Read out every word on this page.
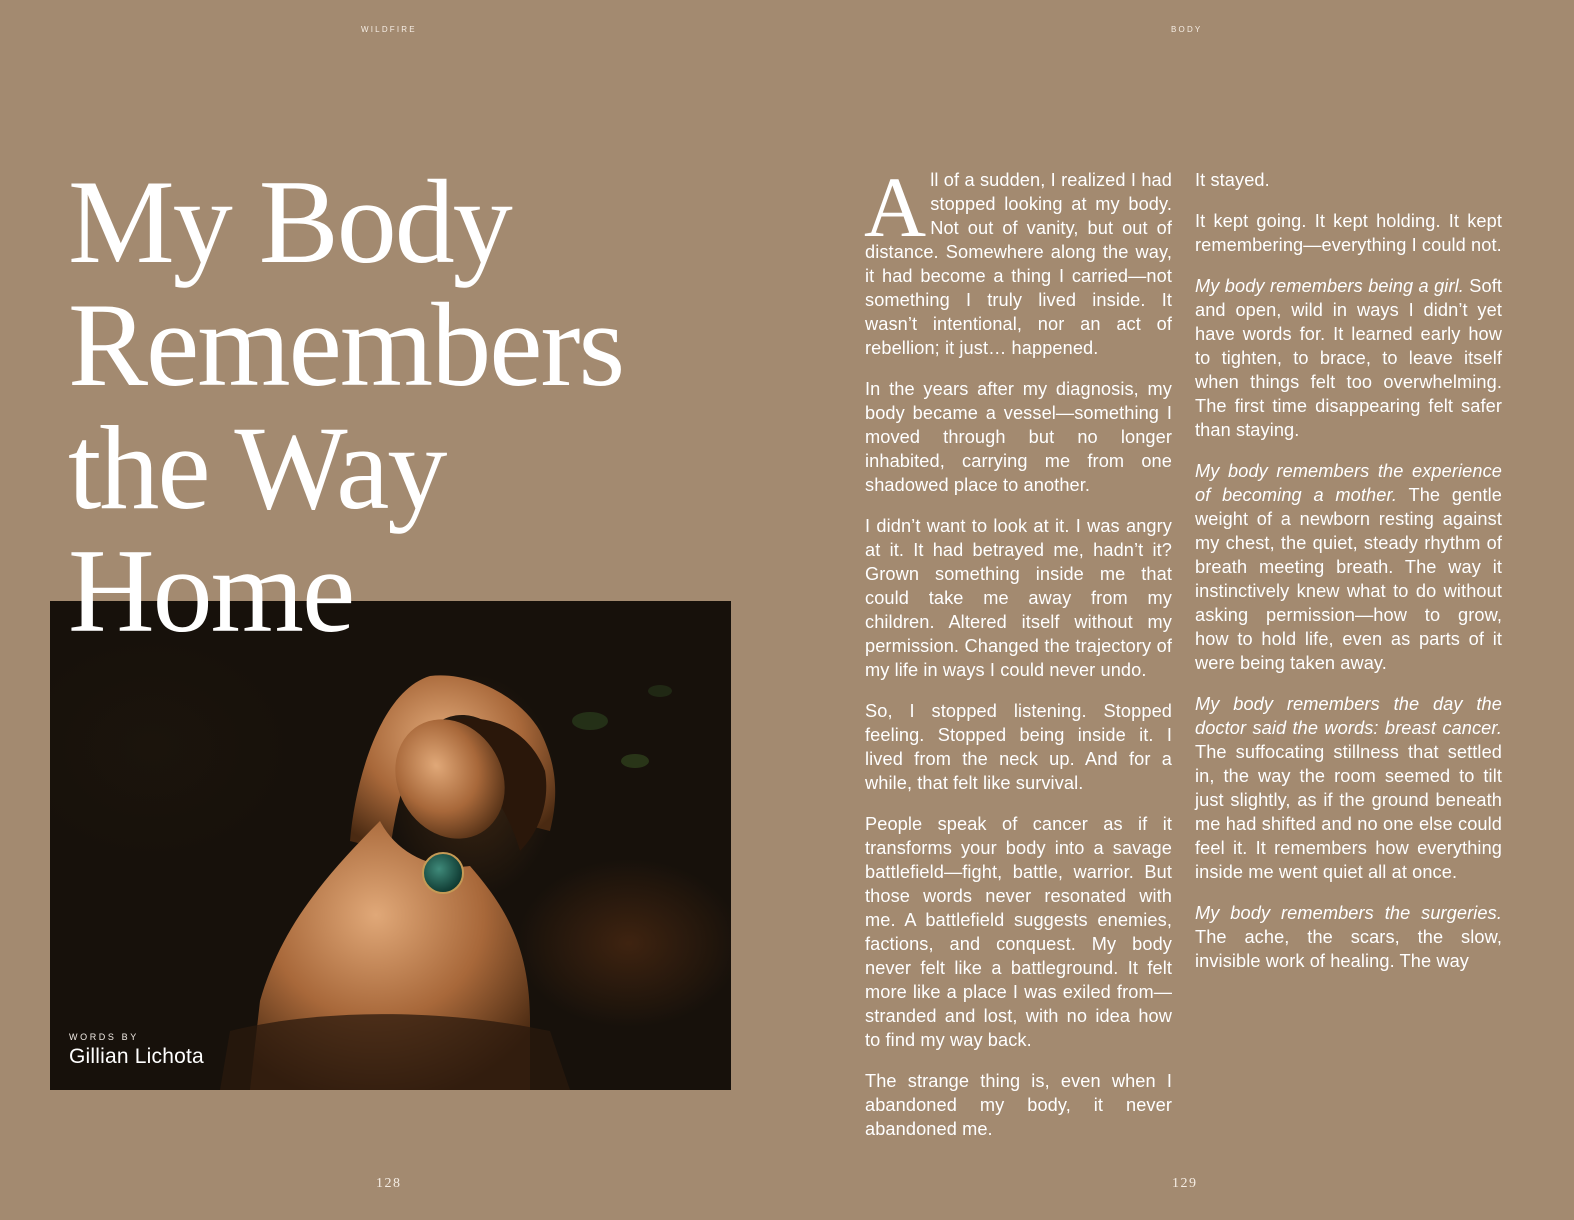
WILDFIRE	BODY
WORDS BY
Gillian Lichota
My Body
Remembers
the Way
Home

All of a sudden, I realized I had stopped looking at my body. Not out of vanity, but out of distance. Somewhere along the way, it had become a thing I carried—not something I truly lived inside. It wasn’t intentional, nor an act of rebellion; it just… happened.

In the years after my diagnosis, my body became a vessel—something I moved through but no longer inhabited, carrying me from one shadowed place to another.

I didn’t want to look at it. I was angry at it. It had betrayed me, hadn’t it? Grown something inside me that could take me away from my children. Altered itself without my permission. Changed the trajectory of my life in ways I could never undo.

So, I stopped listening. Stopped feeling. Stopped being inside it. I lived from the neck up. And for a while, that felt like survival.

People speak of cancer as if it transforms your body into a savage battlefield—fight, battle, warrior. But those words never resonated with me. A battlefield suggests enemies, factions, and conquest. My body never felt like a battleground. It felt more like a place I was exiled from—stranded and lost, with no idea how to find my way back.

The strange thing is, even when I abandoned my body, it never abandoned me.

It stayed.

It kept going. It kept holding. It kept remembering—everything I could not.

My body remembers being a girl. Soft and open, wild in ways I didn’t yet have words for. It learned early how to tighten, to brace, to leave itself when things felt too overwhelming. The first time disappearing felt safer than staying.

My body remembers the experience of becoming a mother. The gentle weight of a newborn resting against my chest, the quiet, steady rhythm of breath meeting breath. The way it instinctively knew what to do without asking permission—how to grow, how to hold life, even as parts of it were being taken away.

My body remembers the day the doctor said the words: breast cancer. The suffocating stillness that settled in, the way the room seemed to tilt just slightly, as if the ground beneath me had shifted and no one else could feel it. It remembers how everything inside me went quiet all at once.

My body remembers the surgeries. The ache, the scars, the slow, invisible work of healing. The way

128	129
